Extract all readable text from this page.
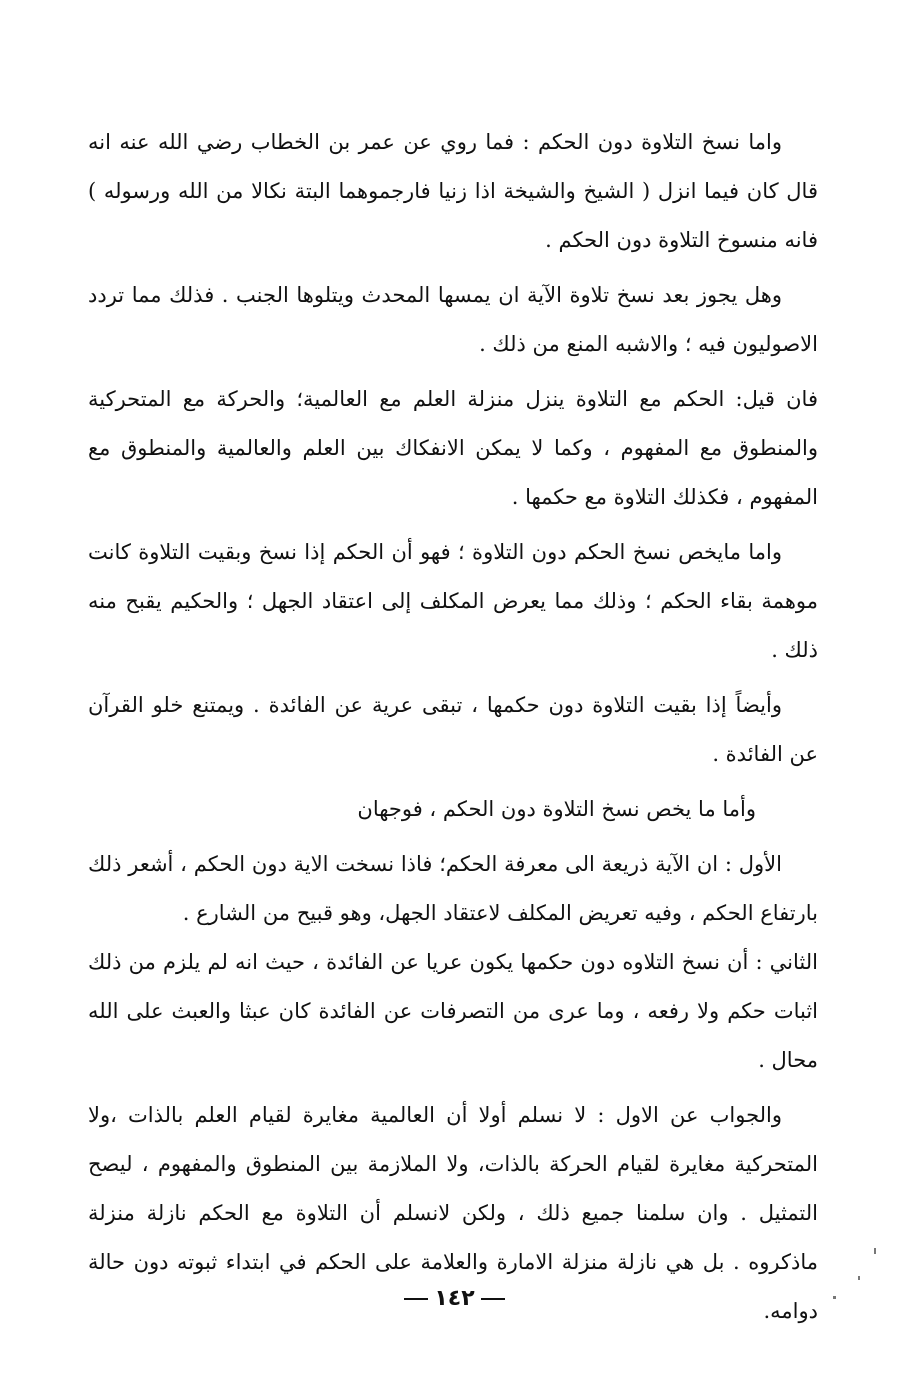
واما نسخ التلاوة دون الحكم : فما روي عن عمر بن الخطاب رضي الله عنه انه قال كان فيما انزل ( الشيخ والشيخة اذا زنيا فارجموهما البتة نكالا من الله ورسوله ) فانه منسوخ التلاوة دون الحكم .

وهل يجوز بعد نسخ تلاوة الآية ان يمسها المحدث ويتلوها الجنب . فذلك مما تردد الاصوليون فيه ؛ والاشبه المنع من ذلك .

فان قيل: الحكم مع التلاوة ينزل منزلة العلم مع العالمية؛ والحركة مع المتحركية والمنطوق مع المفهوم ، وكما لا يمكن الانفكاك بين العلم والعالمية والمنطوق مع المفهوم ، فكذلك التلاوة مع حكمها .

واما مايخص نسخ الحكم دون التلاوة ؛ فهو أن الحكم إذا نسخ وبقيت التلاوة كانت موهمة بقاء الحكم ؛ وذلك مما يعرض المكلف إلى اعتقاد الجهل ؛ والحكيم يقبح منه ذلك .

وأيضاً إذا بقيت التلاوة دون حكمها ، تبقى عرية عن الفائدة . ويمتنع خلو القرآن عن الفائدة .

وأما ما يخص نسخ التلاوة دون الحكم ، فوجهان

الأول : ان الآية ذريعة الى معرفة الحكم؛ فاذا نسخت الاية دون الحكم ، أشعر ذلك بارتفاع الحكم ، وفيه تعريض المكلف لاعتقاد الجهل، وهو قبيح من الشارع .

الثاني : أن نسخ التلاوه دون حكمها يكون عريا عن الفائدة ، حيث انه لم يلزم من ذلك اثبات حكم ولا رفعه ، وما عرى من التصرفات عن الفائدة كان عبثا والعبث على الله محال .

والجواب عن الاول : لا نسلم أولا أن العالمية مغايرة لقيام العلم بالذات ،ولا المتحركية مغايرة لقيام الحركة بالذات، ولا الملازمة بين المنطوق والمفهوم ، ليصح التمثيل . وان سلمنا جميع ذلك ، ولكن لانسلم أن التلاوة مع الحكم نازلة منزلة ماذكروه . بل هي نازلة منزلة الامارة والعلامة على الحكم في ابتداء ثبوته دون حالة دوامه.

١٤٢
